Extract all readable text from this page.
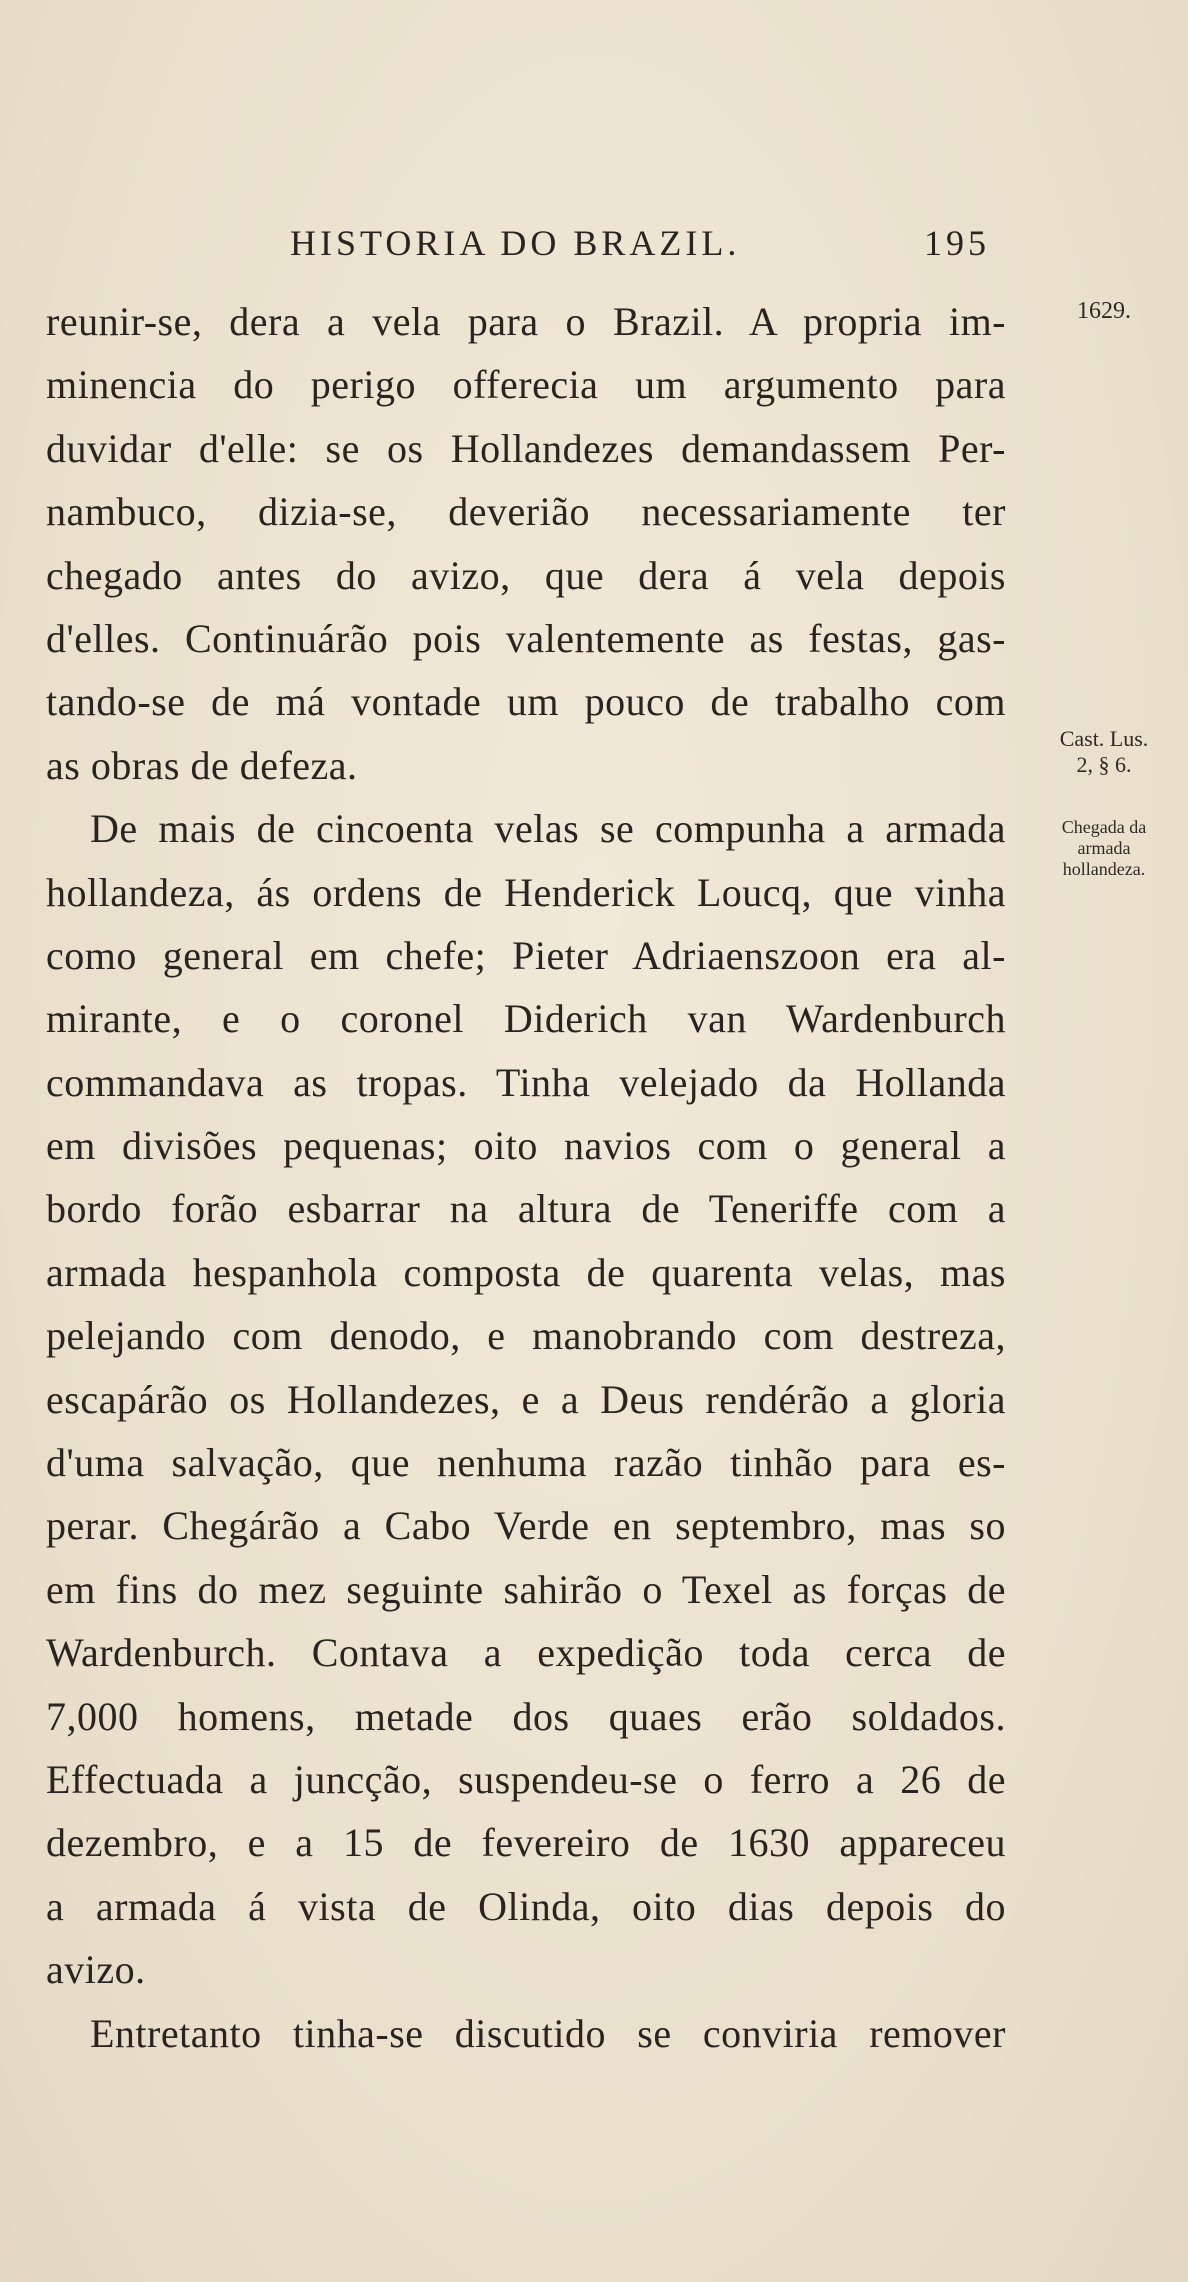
HISTORIA DO BRAZIL.	195
reunir-se, dera a vela para o Brazil. A propria im-
minencia do perigo offerecia um argumento para
duvidar d'elle: se os Hollandezes demandassem Per-
nambuco, dizia-se, deverião necessariamente ter
chegado antes do avizo, que dera á vela depois
d'elles. Continuárão pois valentemente as festas, gas-
tando-se de má vontade um pouco de trabalho com
as obras de defeza.
De mais de cincoenta velas se compunha a armada
hollandeza, ás ordens de Henderick Loucq, que vinha
como general em chefe; Pieter Adriaenszoon era al-
mirante, e o coronel Diderich van Wardenburch
commandava as tropas. Tinha velejado da Hollanda
em divisões pequenas; oito navios com o general a
bordo forão esbarrar na altura de Teneriffe com a
armada hespanhola composta de quarenta velas, mas
pelejando com denodo, e manobrando com destreza,
escapárão os Hollandezes, e a Deus rendérão a gloria
d'uma salvação, que nenhuma razão tinhão para es-
perar. Chegárão a Cabo Verde en septembro, mas so
em fins do mez seguinte sahirão o Texel as forças de
Wardenburch. Contava a expedição toda cerca de
7,000 homens, metade dos quaes erão soldados.
Effectuada a juncção, suspendeu-se o ferro a 26 de
dezembro, e a 15 de fevereiro de 1630 appareceu
a armada á vista de Olinda, oito dias depois do
avizo.
Entretanto tinha-se discutido se conviria remover
1629.
Cast. Lus.
2, § 6.
Chegada da
armada
hollandeza.
